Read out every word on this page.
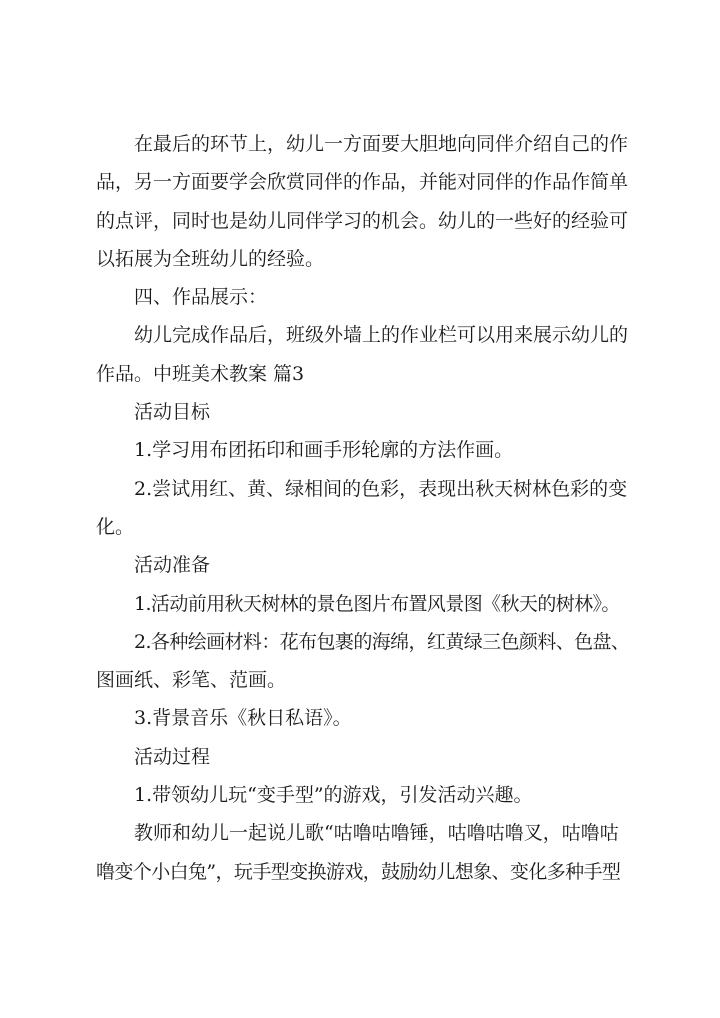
在最后的环节上，幼儿一方面要大胆地向同伴介绍自己的作
品，另一方面要学会欣赏同伴的作品，并能对同伴的作品作简单
的点评，同时也是幼儿同伴学习的机会。幼儿的一些好的经验可
以拓展为全班幼儿的经验。
四、作品展示：
幼儿完成作品后，班级外墙上的作业栏可以用来展示幼儿的
作品。中班美术教案 篇3
活动目标
1.学习用布团拓印和画手形轮廓的方法作画。
2.尝试用红、黄、绿相间的色彩，表现出秋天树林色彩的变
化。
活动准备
1.活动前用秋天树林的景色图片布置风景图《秋天的树林》。
2.各种绘画材料：花布包裹的海绵，红黄绿三色颜料、色盘、
图画纸、彩笔、范画。
3.背景音乐《秋日私语》。
活动过程
1.带领幼儿玩“变手型”的游戏，引发活动兴趣。
教师和幼儿一起说儿歌“咕噜咕噜锤，咕噜咕噜叉，咕噜咕
噜变个小白兔”，玩手型变换游戏，鼓励幼儿想象、变化多种手型
